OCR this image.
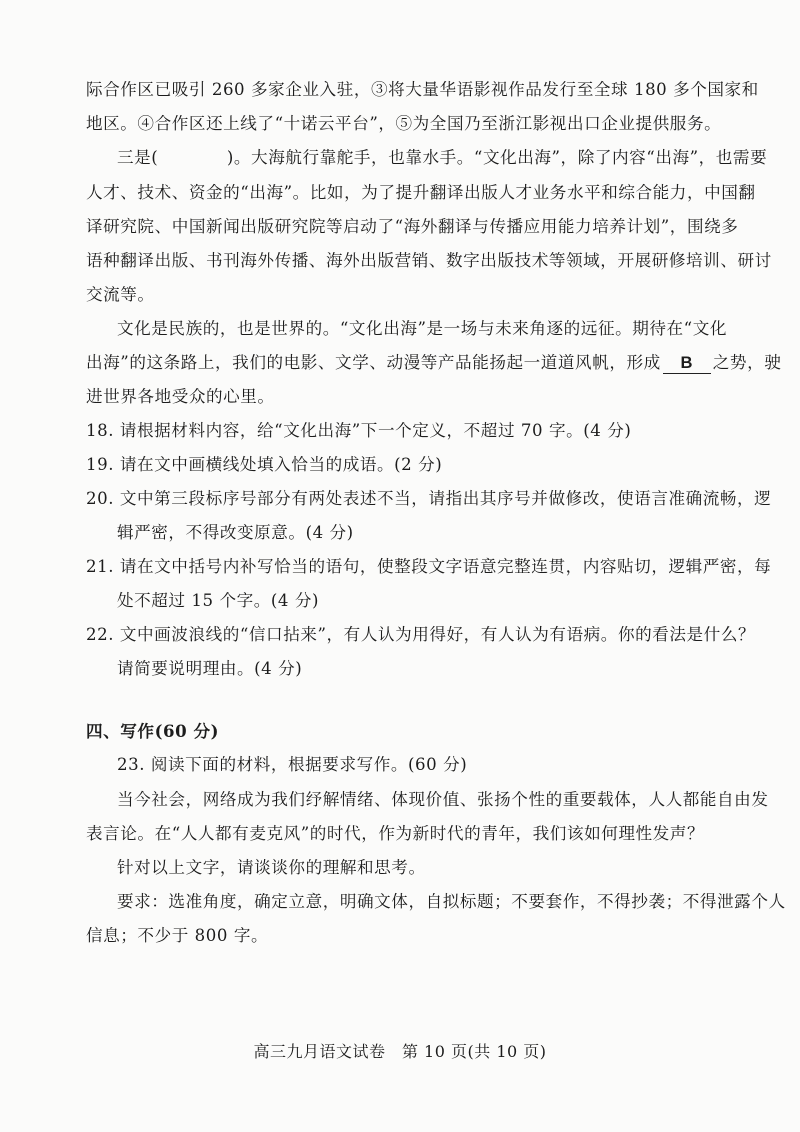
际合作区已吸引 260 多家企业入驻，③将大量华语影视作品发行至全球 180 多个国家和
地区。④合作区还上线了“十诺云平台”，⑤为全国乃至浙江影视出口企业提供服务。
三是(　　　　)。大海航行靠舵手，也靠水手。“文化出海”，除了内容“出海”，也需要
人才、技术、资金的“出海”。比如，为了提升翻译出版人才业务水平和综合能力，中国翻
译研究院、中国新闻出版研究院等启动了“海外翻译与传播应用能力培养计划”，围绕多
语种翻译出版、书刊海外传播、海外出版营销、数字出版技术等领域，开展研修培训、研讨
交流等。
文化是民族的，也是世界的。“文化出海”是一场与未来角逐的远征。期待在“文化
出海”的这条路上，我们的电影、文学、动漫等产品能扬起一道道风帆，形成 B 之势，驶
进世界各地受众的心里。
18. 请根据材料内容，给“文化出海”下一个定义，不超过 70 字。(4 分)
19. 请在文中画横线处填入恰当的成语。(2 分)
20. 文中第三段标序号部分有两处表述不当，请指出其序号并做修改，使语言准确流畅，逻
辑严密，不得改变原意。(4 分)
21. 请在文中括号内补写恰当的语句，使整段文字语意完整连贯，内容贴切，逻辑严密，每
处不超过 15 个字。(4 分)
22. 文中画波浪线的“信口拈来”，有人认为用得好，有人认为有语病。你的看法是什么？
请简要说明理由。(4 分)
四、写作(60 分)
23. 阅读下面的材料，根据要求写作。(60 分)
当今社会，网络成为我们纾解情绪、体现价值、张扬个性的重要载体，人人都能自由发
表言论。在“人人都有麦克风”的时代，作为新时代的青年，我们该如何理性发声？
针对以上文字，请谈谈你的理解和思考。
要求：选准角度，确定立意，明确文体，自拟标题；不要套作，不得抄袭；不得泄露个人
信息；不少于 800 字。
高三九月语文试卷　第 10 页(共 10 页)
